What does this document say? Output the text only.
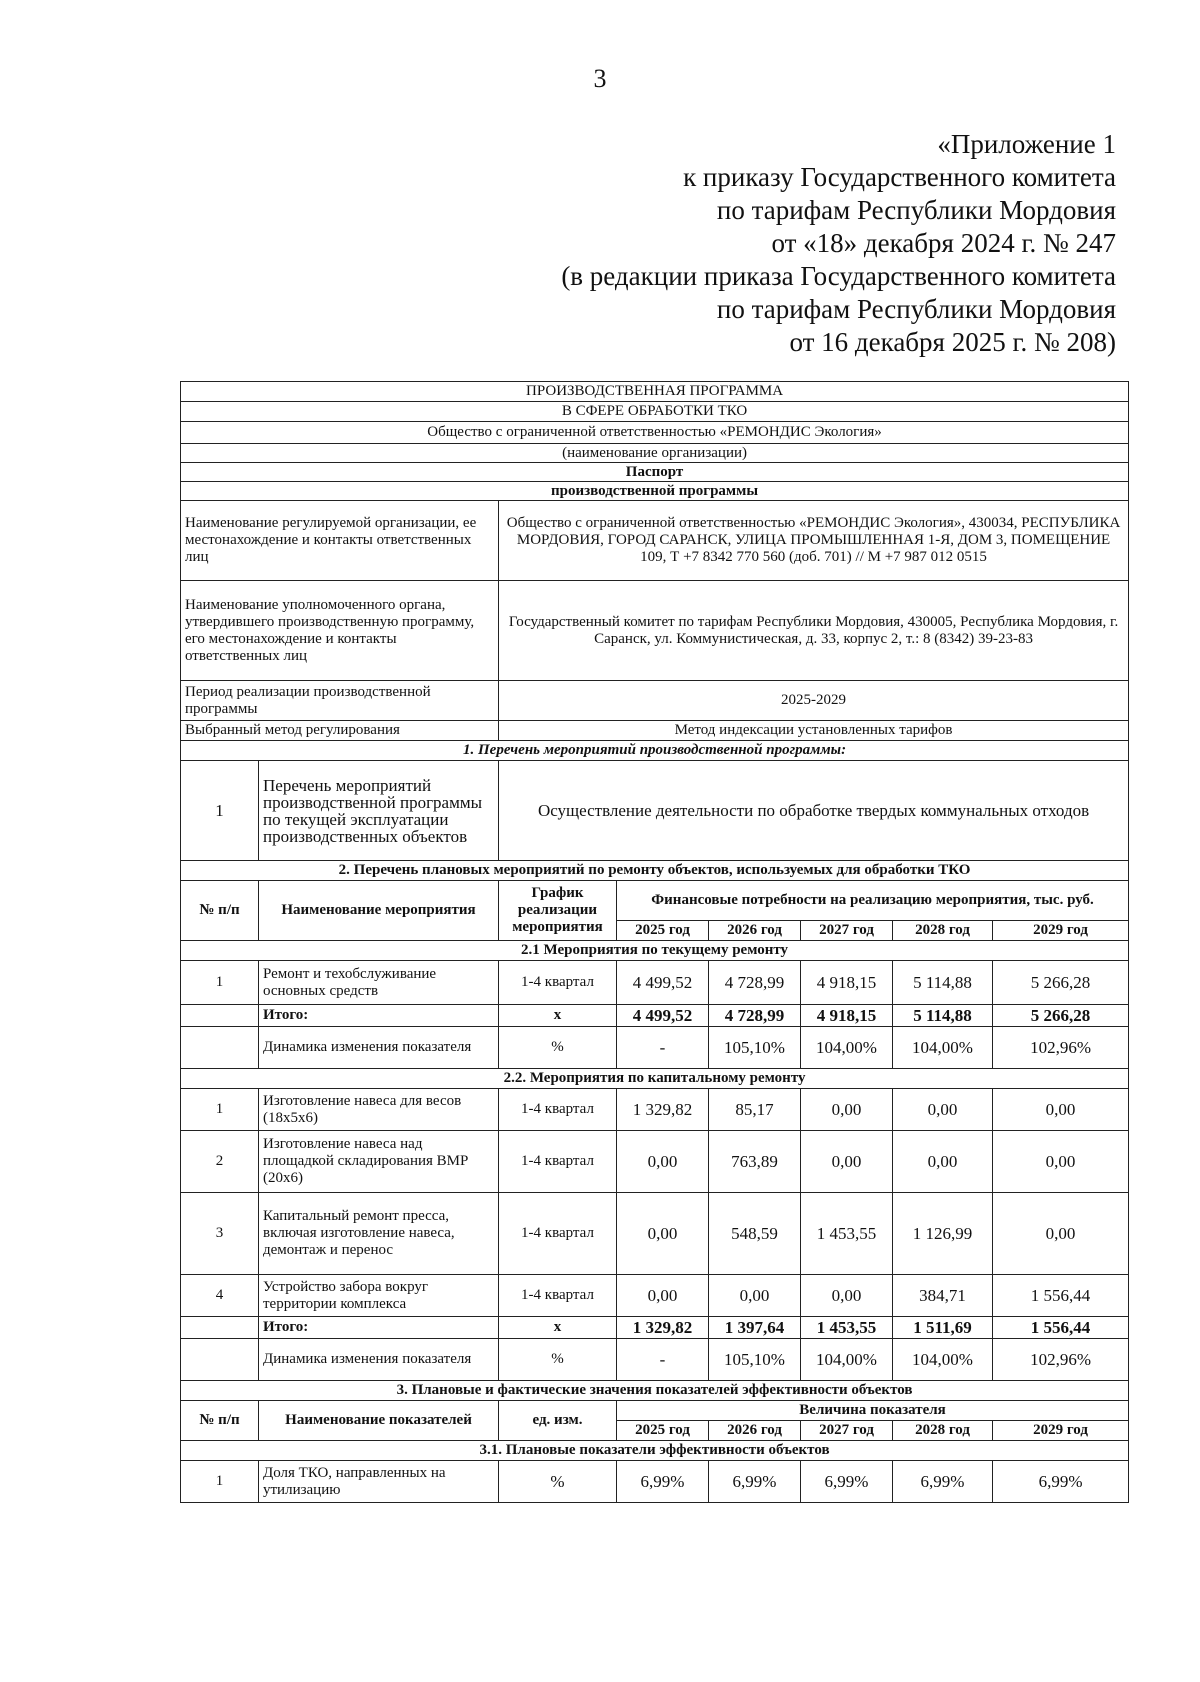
3
«Приложение 1
к приказу Государственного комитета
по тарифам Республики Мордовия
от «18» декабря 2024 г. № 247
(в редакции приказа Государственного комитета
по тарифам Республики Мордовия
от 16 декабря 2025 г. № 208)
ПРОИЗВОДСТВЕННАЯ ПРОГРАММА							
В СФЕРЕ ОБРАБОТКИ ТКО							
Общество с ограниченной ответственностью «РЕМОНДИС Экология»							
(наименование организации)							
Паспорт							
производственной программы							
Наименование регулируемой организации, ее местонахождение и контакты ответственных лиц		Общество с ограниченной ответственностью «РЕМОНДИС Экология», 430034, РЕСПУБЛИКА МОРДОВИЯ, ГОРОД САРАНСК, УЛИЦА ПРОМЫШЛЕННАЯ 1-Я, ДОМ 3, ПОМЕЩЕНИЕ 109, Т +7 8342 770 560 (доб. 701) // М +7 987 012 0515					
Наименование уполномоченного органа, утвердившего производственную программу, его местонахождение и контакты ответственных лиц		Государственный комитет по тарифам Республики Мордовия, 430005, Республика Мордовия, г. Саранск, ул. Коммунистическая, д. 33, корпус 2, т.: 8 (8342) 39-23-83					
Период реализации производственной программы		2025-2029					
Выбранный метод регулирования		Метод индексации установленных тарифов					
1. Перечень мероприятий производственной программы:							
1	Перечень мероприятий производственной программы по текущей эксплуатации производственных объектов	Осуществление деятельности по обработке твердых коммунальных отходов					
2. Перечень плановых мероприятий по ремонту объектов, используемых для обработки ТКО							
№ п/п	Наименование мероприятия	График реализации мероприятия	Финансовые потребности на реализацию мероприятия, тыс. руб.				
			2025 год	2026 год	2027 год	2028 год	2029 год
2.1 Мероприятия по текущему ремонту							
1	Ремонт и техобслуживание основных средств	1-4 квартал	4 499,52	4 728,99	4 918,15	5 114,88	5 266,28
	Итого:	х	4 499,52	4 728,99	4 918,15	5 114,88	5 266,28
	Динамика изменения показателя	%	-	105,10%	104,00%	104,00%	102,96%
2.2. Мероприятия по капитальному ремонту							
1	Изготовление навеса для весов (18х5х6)	1-4 квартал	1 329,82	85,17	0,00	0,00	0,00
2	Изготовление навеса над площадкой складирования ВМР (20х6)	1-4 квартал	0,00	763,89	0,00	0,00	0,00
3	Капитальный ремонт пресса, включая изготовление навеса, демонтаж и перенос	1-4 квартал	0,00	548,59	1 453,55	1 126,99	0,00
4	Устройство забора вокруг территории комплекса	1-4 квартал	0,00	0,00	0,00	384,71	1 556,44
	Итого:	х	1 329,82	1 397,64	1 453,55	1 511,69	1 556,44
	Динамика изменения показателя	%	-	105,10%	104,00%	104,00%	102,96%
3. Плановые и фактические значения показателей эффективности объектов							
№ п/п	Наименование показателей	ед. изм.	Величина показателя				
			2025 год	2026 год	2027 год	2028 год	2029 год
3.1. Плановые показатели эффективности объектов							
1	Доля ТКО, направленных на утилизацию	%	6,99%	6,99%	6,99%	6,99%	6,99%
